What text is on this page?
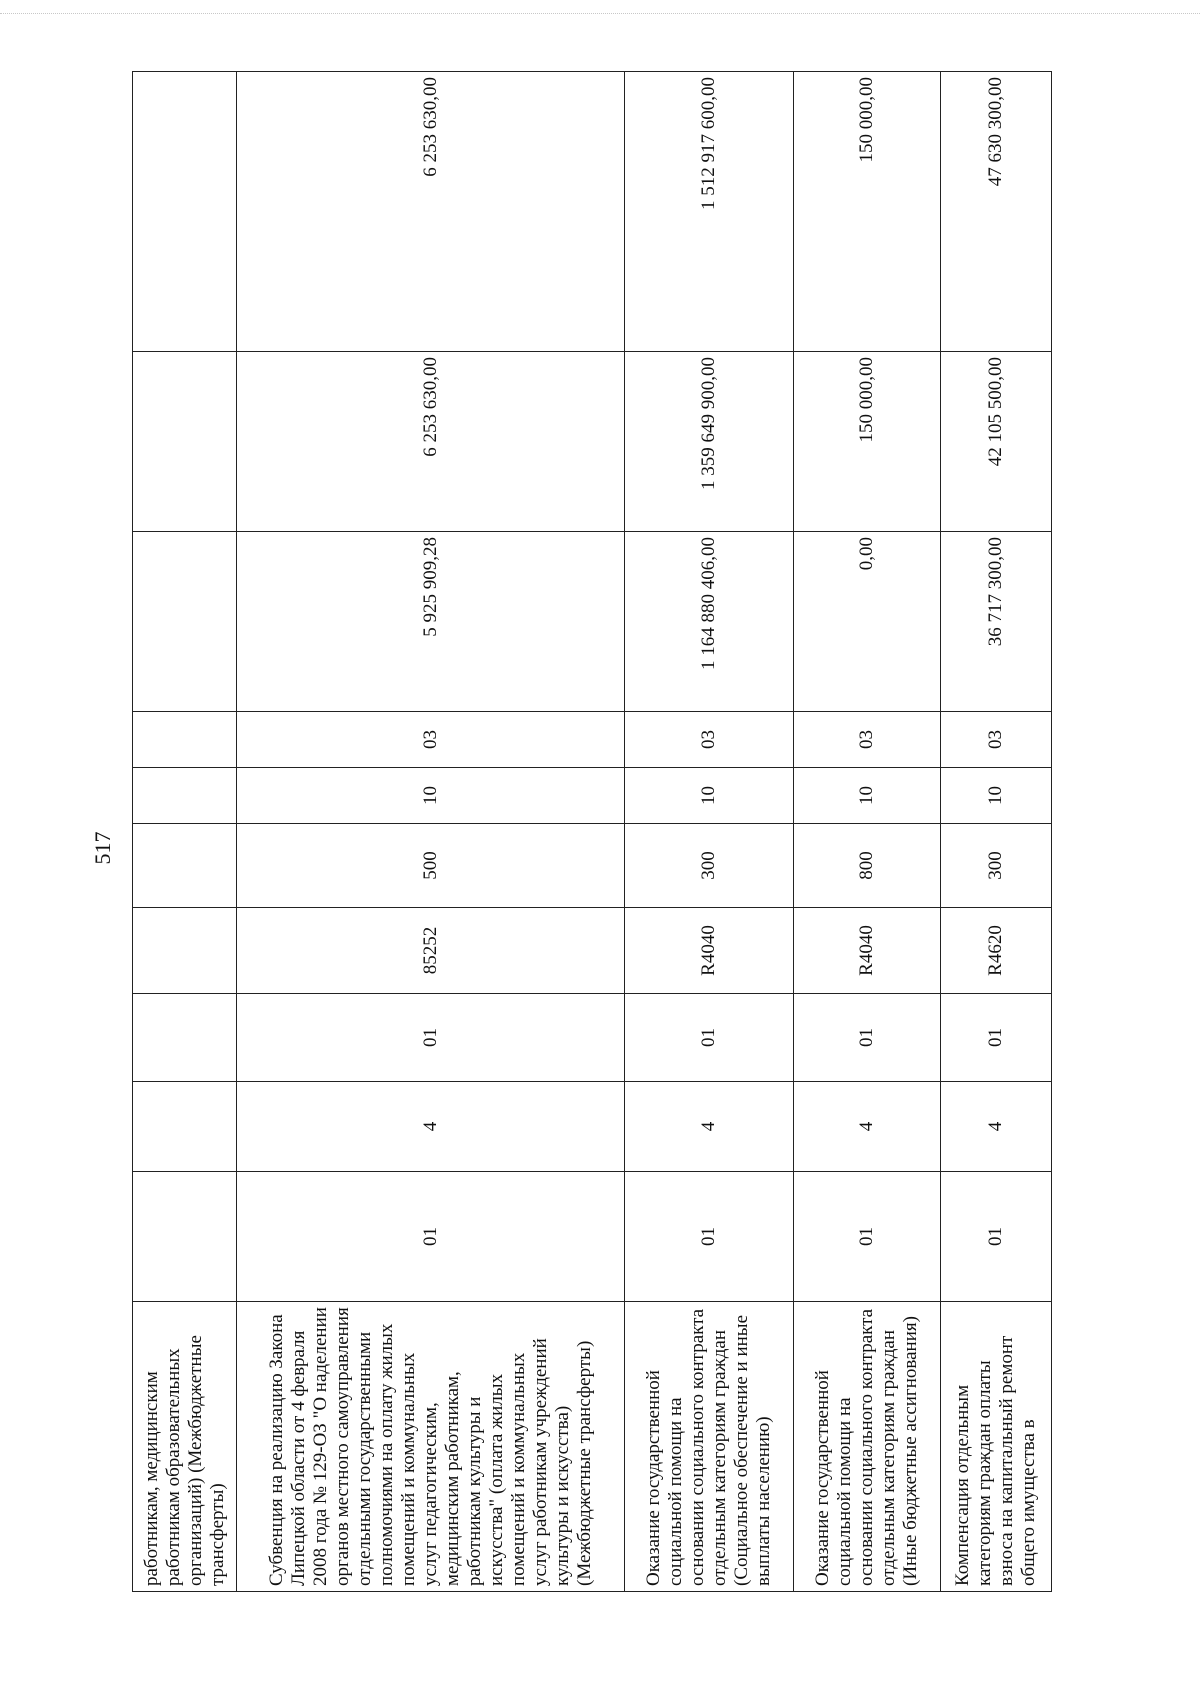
517
работникам, медицинским работникам образовательных организаций) (Межбюджетные трансферты)										
Субвенция на реализацию Закона Липецкой области от 4 февраля 2008 года № 129-ОЗ "О наделении органов местного самоуправления отдельными государственными полномочиями на оплату жилых помещений и коммунальных услуг педагогическим, медицинским работникам, работникам культуры и искусства" (оплата жилых помещений и коммунальных услуг работникам учреждений культуры и искусства) (Межбюджетные трансферты)	01	4	01	85252	500	10	03	5 925 909,28	6 253 630,00	6 253 630,00
Оказание государственной социальной помощи на основании социального контракта отдельным категориям граждан (Социальное обеспечение и иные выплаты населению)	01	4	01	R4040	300	10	03	1 164 880 406,00	1 359 649 900,00	1 512 917 600,00
Оказание государственной социальной помощи на основании социального контракта отдельным категориям граждан (Иные бюджетные ассигнования)	01	4	01	R4040	800	10	03	0,00	150 000,00	150 000,00
Компенсация отдельным категориям граждан оплаты взноса на капитальный ремонт общего имущества в	01	4	01	R4620	300	10	03	36 717 300,00	42 105 500,00	47 630 300,00
